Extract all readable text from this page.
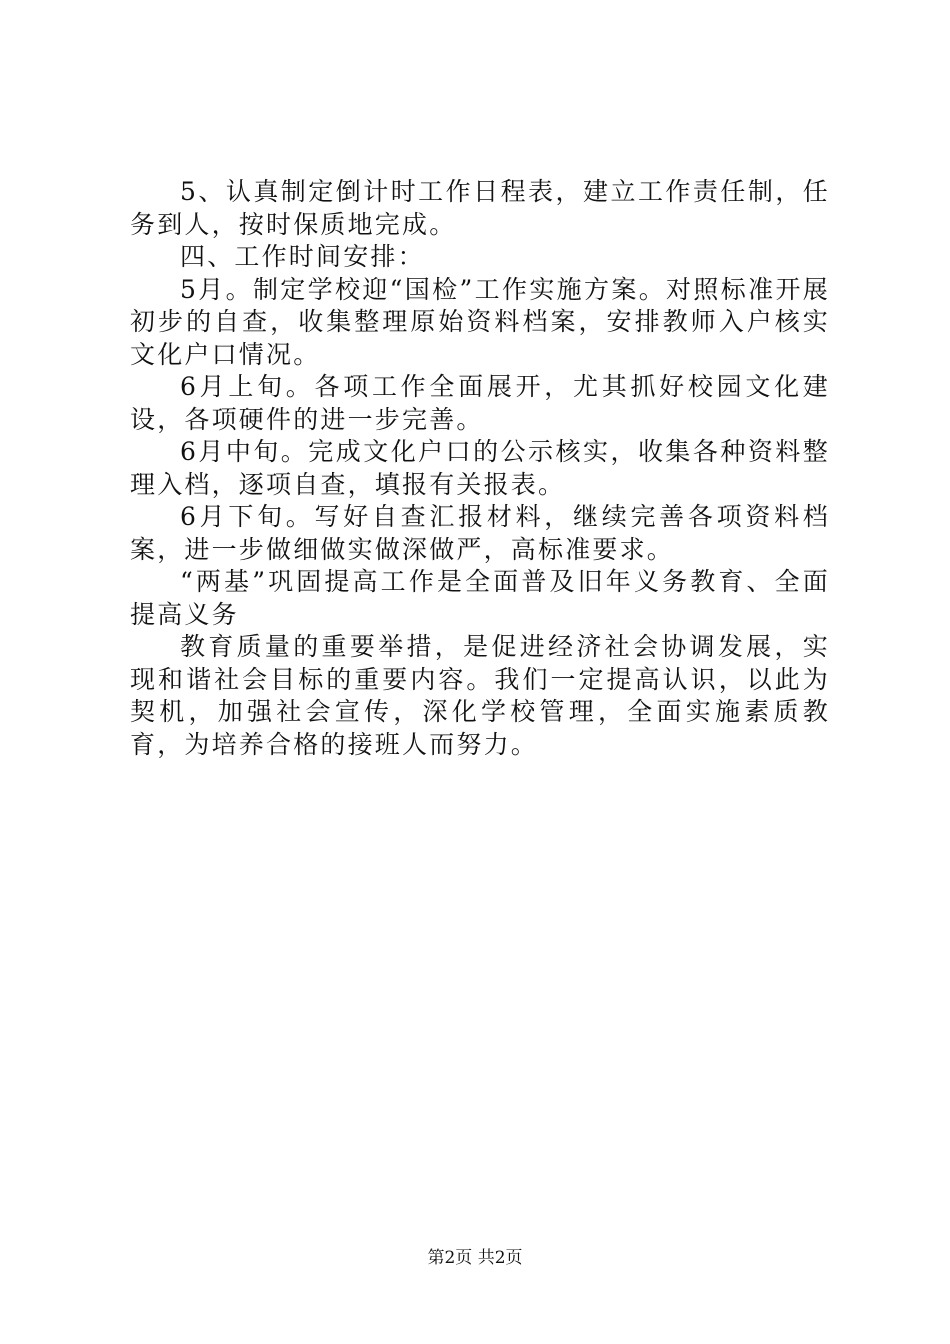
5、认真制定倒计时工作日程表，建立工作责任制，任务到人，按时保质地完成。

四、工作时间安排：

5月。制定学校迎“国检”工作实施方案。对照标准开展初步的自查，收集整理原始资料档案，安排教师入户核实文化户口情况。

6月上旬。各项工作全面展开，尤其抓好校园文化建设，各项硬件的进一步完善。

6月中旬。完成文化户口的公示核实，收集各种资料整理入档，逐项自查，填报有关报表。

6月下旬。写好自查汇报材料，继续完善各项资料档案，进一步做细做实做深做严，高标准要求。

“两基”巩固提高工作是全面普及旧年义务教育、全面提高义务

教育质量的重要举措，是促进经济社会协调发展，实现和谐社会目标的重要内容。我们一定提高认识，以此为契机，加强社会宣传，深化学校管理，全面实施素质教育，为培养合格的接班人而努力。

第2页 共2页
